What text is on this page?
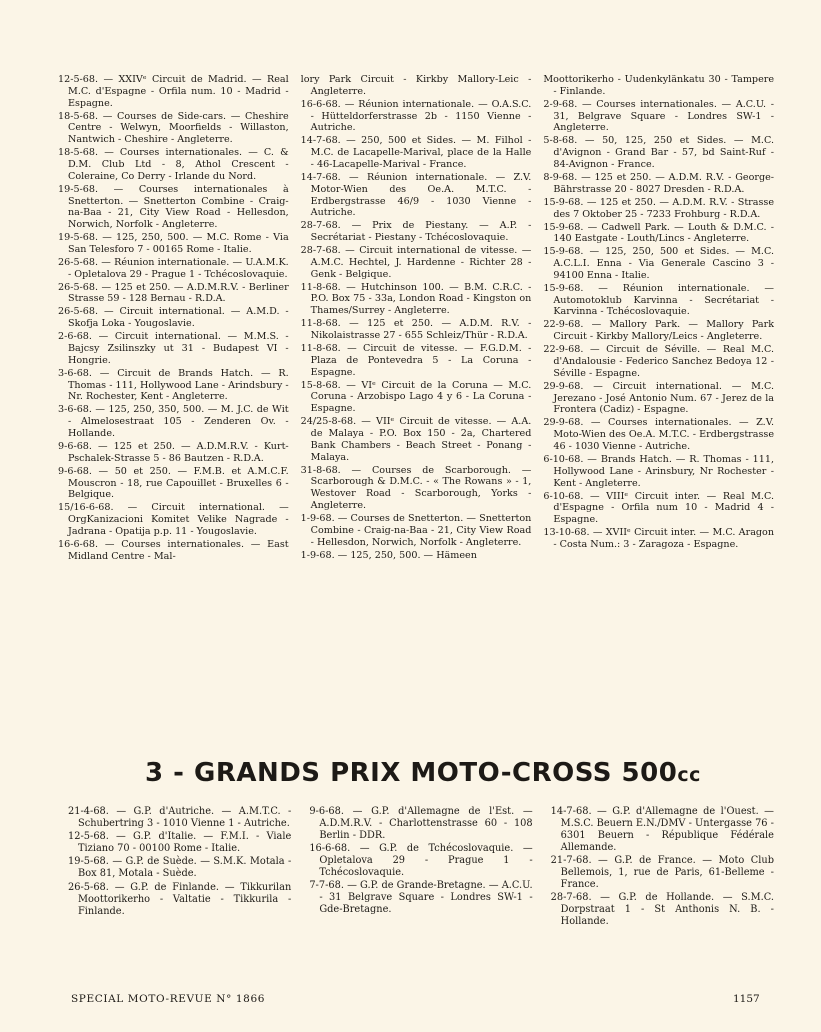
12-5-68. — XXIVᵉ Circuit de Madrid. — Real M.C. d'Espagne - Orfila num. 10 - Madrid - Espagne.

18-5-68. — Courses de Side-cars. — Cheshire Centre - Welwyn, Moorfields - Willaston, Nantwich - Cheshire - Angleterre.

18-5-68. — Courses internationales. — C. & D.M. Club Ltd - 8, Athol Crescent - Coleraine, Co Derry - Irlande du Nord.

19-5-68. — Courses internationales à Snetterton. — Snetterton Combine - Craig-na-Baa - 21, City View Road - Hellesdon, Norwich, Norfolk - Angleterre.

19-5-68. — 125, 250, 500. — M.C. Rome - Via San Telesforo 7 - 00165 Rome - Italie.

26-5-68. — Réunion internationale. — U.A.M.K. - Opletalova 29 - Prague 1 - Tchécoslovaquie.

26-5-68. — 125 et 250. — A.D.M.R.V. - Berliner Strasse 59 - 128 Bernau - R.D.A.

26-5-68. — Circuit international. — A.M.D. - Skofja Loka - Yougoslavie.

2-6-68. — Circuit international. — M.M.S. - Bajcsy Zsilinszky ut 31 - Budapest VI - Hongrie.

3-6-68. — Circuit de Brands Hatch. — R. Thomas - 111, Hollywood Lane - Arindsbury - Nr. Rochester, Kent - Angleterre.

3-6-68. — 125, 250, 350, 500. — M. J.C. de Wit - Almelosestraat 105 - Zenderen Ov. - Hollande.

9-6-68. — 125 et 250. — A.D.M.R.V. - Kurt-Pschalek-Strasse 5 - 86 Bautzen - R.D.A.

9-6-68. — 50 et 250. — F.M.B. et A.M.C.F. Mouscron - 18, rue Capouillet - Bruxelles 6 - Belgique.

15/16-6-68. — Circuit international. — OrgKanizacioni Komitet Velike Nagrade - Jadrana - Opatija p.p. 11 - Yougoslavie.

16-6-68. — Courses internationales. — East Midland Centre - Mal-

lory Park Circuit - Kirkby Mallory-Leic - Angleterre.

16-6-68. — Réunion internationale. — O.A.S.C. - Hütteldorferstrasse 2b - 1150 Vienne - Autriche.

14-7-68. — 250, 500 et Sides. — M. Filhol - M.C. de Lacapelle-Marival, place de la Halle - 46-Lacapelle-Marival - France.

14-7-68. — Réunion internationale. — Z.V. Motor-Wien des Oe.A. M.T.C. - Erdbergstrasse 46/9 - 1030 Vienne - Autriche.

28-7-68. — Prix de Piestany. — A.P. - Secrétariat - Piestany - Tchécoslovaquie.

28-7-68. — Circuit international de vitesse. — A.M.C. Hechtel, J. Hardenne - Richter 28 - Genk - Belgique.

11-8-68. — Hutchinson 100. — B.M. C.R.C. - P.O. Box 75 - 33a, London Road - Kingston on Thames/Surrey - Angleterre.

11-8-68. — 125 et 250. — A.D.M. R.V. - Nikolaistrasse 27 - 655 Schleiz/Thür - R.D.A.

11-8-68. — Circuit de vitesse. — F.G.D.M. - Plaza de Pontevedra 5 - La Coruna - Espagne.

15-8-68. — VIᵉ Circuit de la Coruna — M.C. Coruna - Arzobispo Lago 4 y 6 - La Coruna - Espagne.

24/25-8-68. — VIIᵉ Circuit de vitesse. — A.A. de Malaya - P.O. Box 150 - 2a, Chartered Bank Chambers - Beach Street - Ponang - Malaya.

31-8-68. — Courses de Scarborough. — Scarborough & D.M.C. - « The Rowans » - 1, Westover Road - Scarborough, Yorks - Angleterre.

1-9-68. — Courses de Snetterton. — Snetterton Combine - Craig-na-Baa - 21, City View Road - Hellesdon, Norwich, Norfolk - Angleterre.

1-9-68. — 125, 250, 500. — Hämeen

Moottorikerho - Uudenkylänkatu 30 - Tampere - Finlande.

2-9-68. — Courses internationales. — A.C.U. - 31, Belgrave Square - Londres SW-1 - Angleterre.

5-8-68. — 50, 125, 250 et Sides. — M.C. d'Avignon - Grand Bar - 57, bd Saint-Ruf - 84-Avignon - France.

8-9-68. — 125 et 250. — A.D.M. R.V. - George-Bährstrasse 20 - 8027 Dresden - R.D.A.

15-9-68. — 125 et 250. — A.D.M. R.V. - Strasse des 7 Oktober 25 - 7233 Frohburg - R.D.A.

15-9-68. — Cadwell Park. — Louth & D.M.C. - 140 Eastgate - Louth/Lincs - Angleterre.

15-9-68. — 125, 250, 500 et Sides. — M.C. A.C.L.I. Enna - Via Generale Cascino 3 - 94100 Enna - Italie.

15-9-68. — Réunion internationale. — Automotoklub Karvinna - Secrétariat - Karvinna - Tchécoslovaquie.

22-9-68. — Mallory Park. — Mallory Park Circuit - Kirkby Mallory/Leics - Angleterre.

22-9-68. — Circuit de Séville. — Real M.C. d'Andalousie - Federico Sanchez Bedoya 12 - Séville - Espagne.

29-9-68. — Circuit international. — M.C. Jerezano - José Antonio Num. 67 - Jerez de la Frontera (Cadiz) - Espagne.

29-9-68. — Courses internationales. — Z.V. Moto-Wien des Oe.A. M.T.C. - Erdbergstrasse 46 - 1030 Vienne - Autriche.

6-10-68. — Brands Hatch. — R. Thomas - 111, Hollywood Lane - Arinsbury, Nr Rochester - Kent - Angleterre.

6-10-68. — VIIIᵉ Circuit inter. — Real M.C. d'Espagne - Orfila num 10 - Madrid 4 - Espagne.

13-10-68. — XVIIᵉ Circuit inter. — M.C. Aragon - Costa Num.: 3 - Zaragoza - Espagne.

3 - GRANDS PRIX MOTO-CROSS 500cc

21-4-68. — G.P. d'Autriche. — A.M.T.C. - Schubertring 3 - 1010 Vienne 1 - Autriche.

12-5-68. — G.P. d'Italie. — F.M.I. - Viale Tiziano 70 - 00100 Rome - Italie.

19-5-68. — G.P. de Suède. — S.M.K. Motala - Box 81, Motala - Suède.

26-5-68. — G.P. de Finlande. — Tikkurilan Moottorikerho - Valtatie - Tikkurila - Finlande.

9-6-68. — G.P. d'Allemagne de l'Est. — A.D.M.R.V. - Charlottenstrasse 60 - 108 Berlin - DDR.

16-6-68. — G.P. de Tchécoslovaquie. — Opletalova 29 - Prague 1 - Tchécoslovaquie.

7-7-68. — G.P. de Grande-Bretagne. — A.C.U. - 31 Belgrave Square - Londres SW-1 - Gde-Bretagne.

14-7-68. — G.P. d'Allemagne de l'Ouest. — M.S.C. Beuern E.N./DMV - Untergasse 76 - 6301 Beuern - République Fédérale Allemande.

21-7-68. — G.P. de France. — Moto Club Bellemois, 1, rue de Paris, 61-Belleme - France.

28-7-68. — G.P. de Hollande. — S.M.C. Dorpstraat 1 - St Anthonis N. B. - Hollande.

SPECIAL MOTO-REVUE N° 1866	1157
